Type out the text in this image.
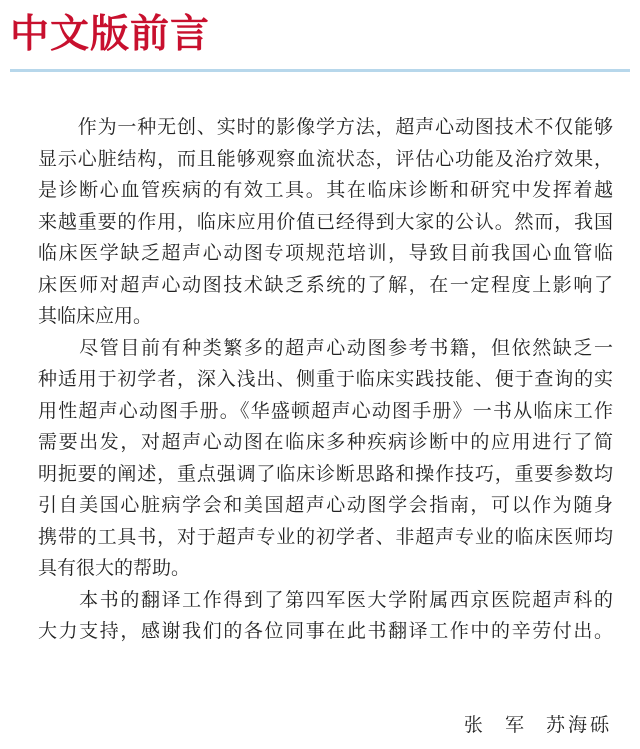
中文版前言

　　作为一种无创、实时的影像学方法，超声心动图技术不仅能够
显示心脏结构，而且能够观察血流状态，评估心功能及治疗效果，
是诊断心血管疾病的有效工具。其在临床诊断和研究中发挥着越
来越重要的作用，临床应用价值已经得到大家的公认。然而，我国
临床医学缺乏超声心动图专项规范培训，导致目前我国心血管临
床医师对超声心动图技术缺乏系统的了解，在一定程度上影响了
其临床应用。

　　尽管目前有种类繁多的超声心动图参考书籍，但依然缺乏一
种适用于初学者，深入浅出、侧重于临床实践技能、便于查询的实
用性超声心动图手册。《华盛顿超声心动图手册》一书从临床工作
需要出发，对超声心动图在临床多种疾病诊断中的应用进行了简
明扼要的阐述，重点强调了临床诊断思路和操作技巧，重要参数均
引自美国心脏病学会和美国超声心动图学会指南，可以作为随身
携带的工具书，对于超声专业的初学者、非超声专业的临床医师均
具有很大的帮助。

　　本书的翻译工作得到了第四军医大学附属西京医院超声科的
大力支持，感谢我们的各位同事在此书翻译工作中的辛劳付出。

张 军 苏海砾
